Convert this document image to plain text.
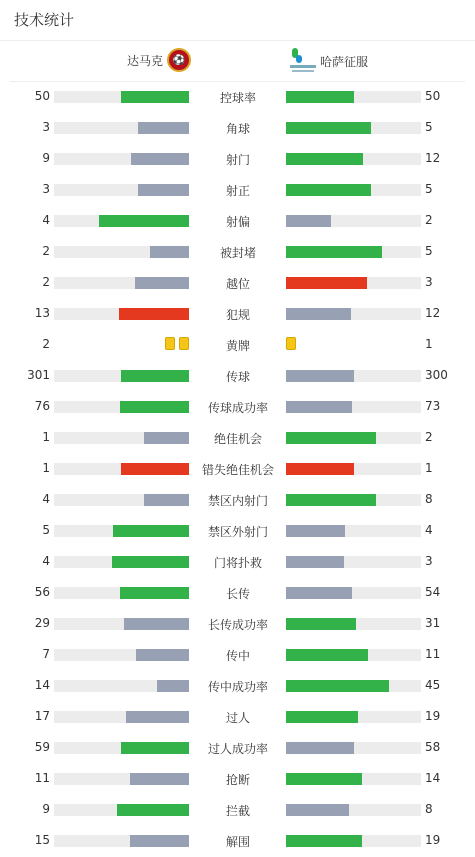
技术统计
达马克 ⚽	哈萨征服
50	控球率	50
3	角球	5
9	射门	12
3	射正	5
4	射偏	2
2	被封堵	5
2	越位	3
13	犯规	12
2	黄牌	1
301	传球	300
76	传球成功率	73
1	绝佳机会	2
1	错失绝佳机会	1
4	禁区内射门	8
5	禁区外射门	4
4	门将扑救	3
56	长传	54
29	长传成功率	31
7	传中	11
14	传中成功率	45
17	过人	19
59	过人成功率	58
11	抢断	14
9	拦截	8
15	解围	19
